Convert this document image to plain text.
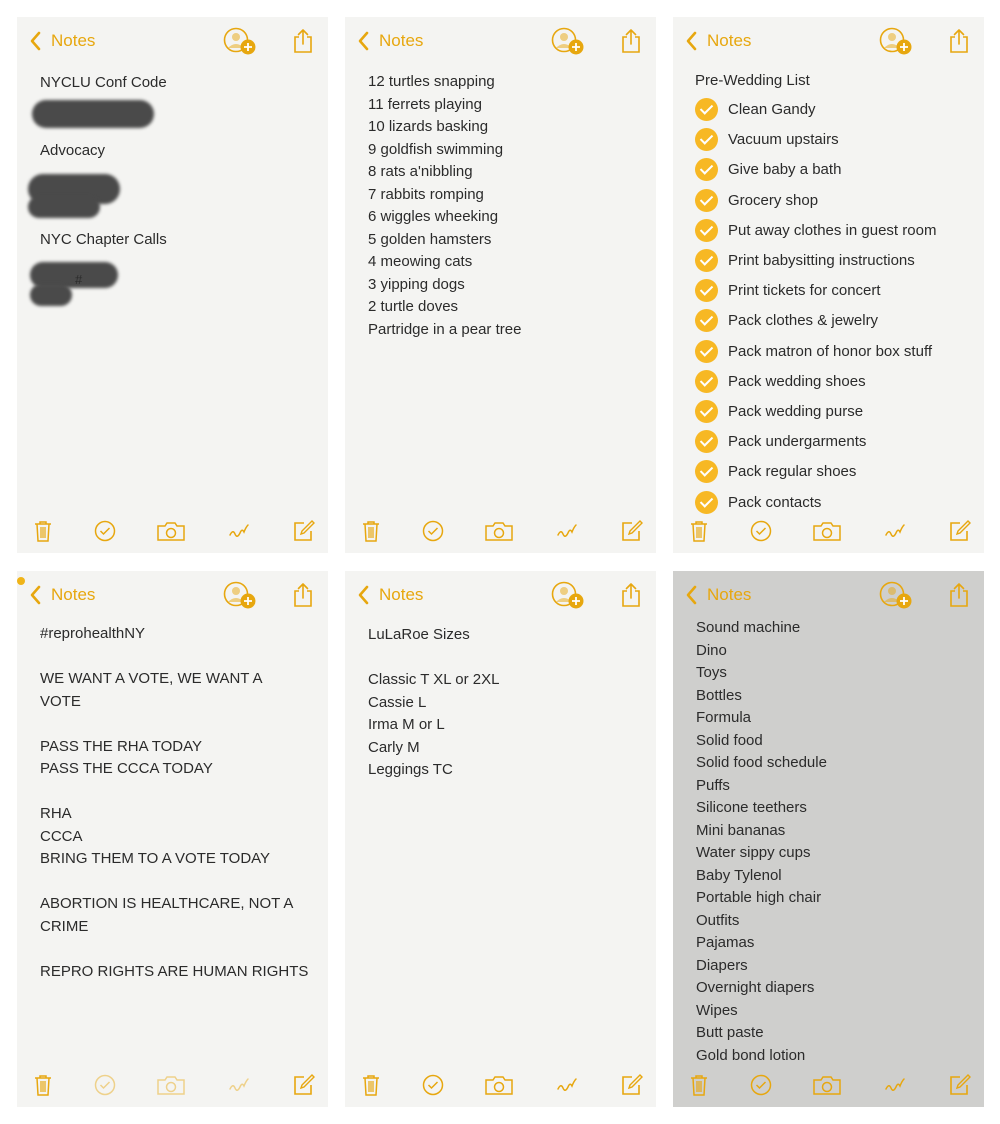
Notes
NYCLU Conf Code
Advocacy
NYC Chapter Calls
#
Notes
12 turtles snapping
11 ferrets playing
10 lizards basking
9 goldfish swimming
8 rats a'nibbling
7 rabbits romping
6 wiggles wheeking
5 golden hamsters
4 meowing cats
3 yipping dogs
2 turtle doves
Partridge in a pear tree
Notes
Pre-Wedding List
Clean Gandy
Vacuum upstairs
Give baby a bath
Grocery shop
Put away clothes in guest room
Print babysitting instructions
Print tickets for concert
Pack clothes & jewelry
Pack matron of honor box stuff
Pack wedding shoes
Pack wedding purse
Pack undergarments
Pack regular shoes
Pack contacts
Notes
#reprohealthNY
WE WANT A VOTE, WE WANT A
VOTE
PASS THE RHA TODAY
PASS THE CCCA TODAY
RHA
CCCA
BRING THEM TO A VOTE TODAY
ABORTION IS HEALTHCARE, NOT A
CRIME
REPRO RIGHTS ARE HUMAN RIGHTS
Notes
LuLaRoe Sizes
Classic T XL or 2XL
Cassie L
Irma M or L
Carly M
Leggings TC
Notes
Sound machine
Dino
Toys
Bottles
Formula
Solid food
Solid food schedule
Puffs
Silicone teethers
Mini bananas
Water sippy cups
Baby Tylenol
Portable high chair
Outfits
Pajamas
Diapers
Overnight diapers
Wipes
Butt paste
Gold bond lotion
